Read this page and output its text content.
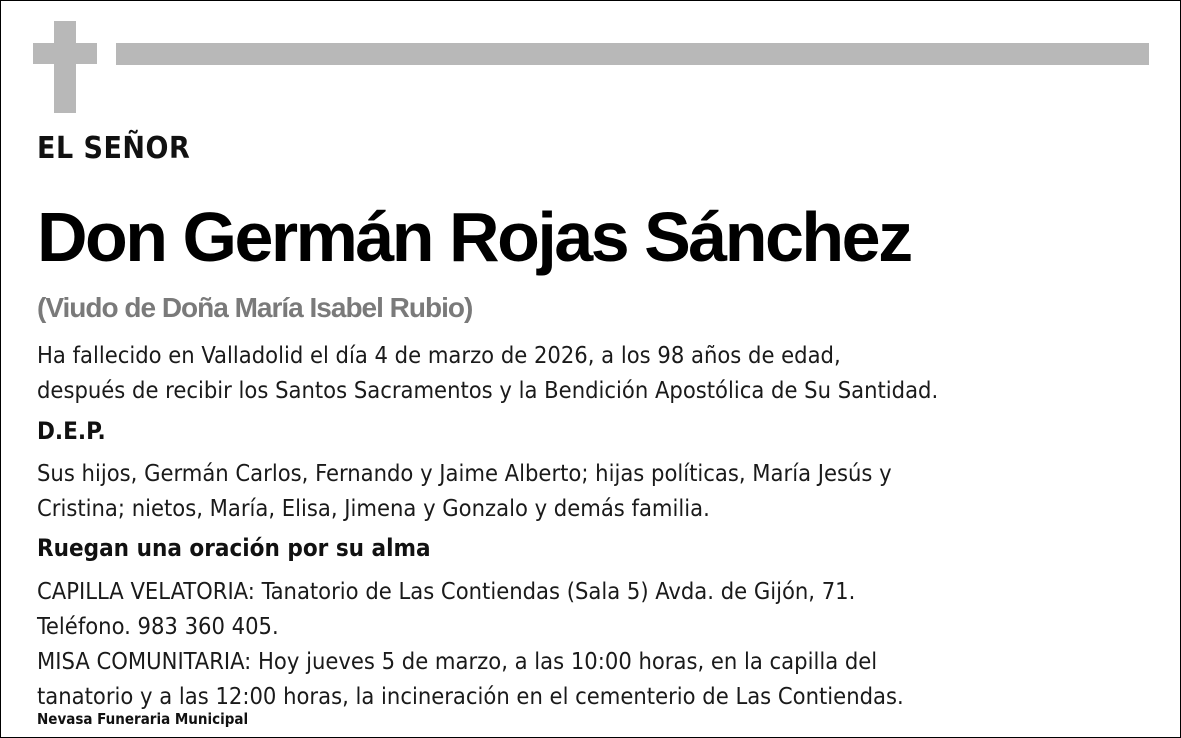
EL SEÑOR
Don Germán Rojas Sánchez
(Viudo de Doña María Isabel Rubio)
Ha fallecido en Valladolid el día 4 de marzo de 2026, a los 98 años de edad,
después de recibir los Santos Sacramentos y la Bendición Apostólica de Su Santidad.
D.E.P.
Sus hijos, Germán Carlos, Fernando y Jaime Alberto; hijas políticas, María Jesús y
Cristina; nietos, María, Elisa, Jimena y Gonzalo y demás familia.
Ruegan una oración por su alma
CAPILLA VELATORIA: Tanatorio de Las Contiendas (Sala 5) Avda. de Gijón, 71.
Teléfono. 983 360 405.
MISA COMUNITARIA: Hoy jueves 5 de marzo, a las 10:00 horas, en la capilla del
tanatorio y a las 12:00 horas, la incineración en el cementerio de Las Contiendas.
Nevasa Funeraria Municipal
